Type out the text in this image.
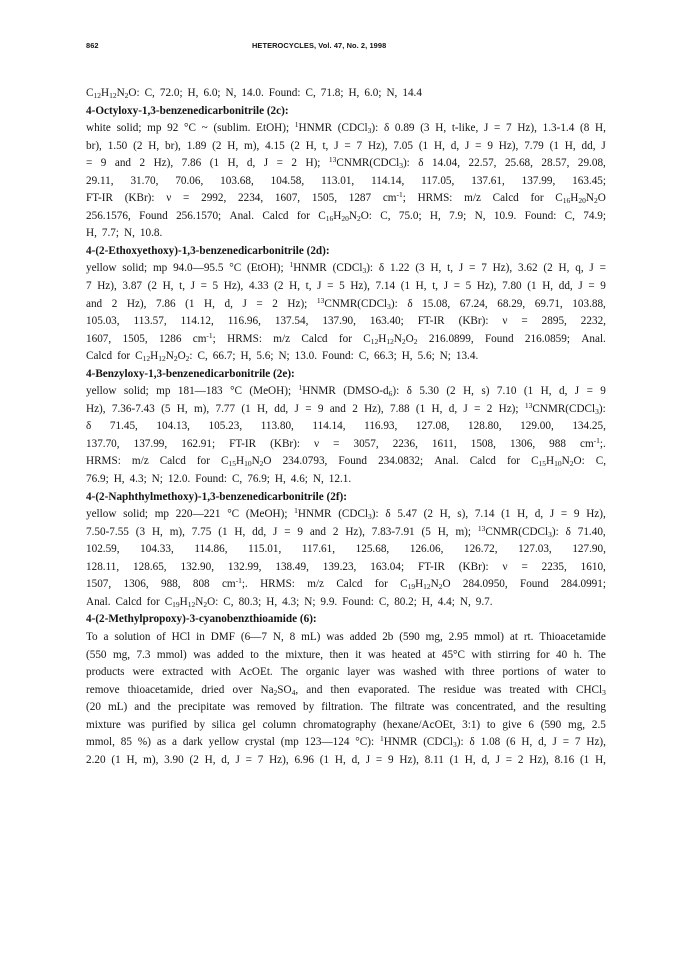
862	HETEROCYCLES, Vol. 47, No. 2, 1998
$C_{12}H_{12}N_2O$: C, 72.0; H, 6.0; N, 14.0. Found: C, 71.8; H, 6.0; N, 14.4
4-Octyloxy-1,3-benzenedicarbonitrile (2c):
white solid; mp 92 °C ~ (sublim. EtOH); $^1$HNMR (CDCl$_3$): δ 0.89 (3 H, t-like, J = 7 Hz), 1.3-1.4 (8 H,
br), 1.50 (2 H, br), 1.89 (2 H, m), 4.15 (2 H, t, J = 7 Hz), 7.05 (1 H, d, J = 9 Hz), 7.79 (1 H, dd, J
= 9 and 2 Hz), 7.86 (1 H, d, J = 2 H); $^{13}$CNMR(CDCl$_3$): δ 14.04, 22.57, 25.68, 28.57, 29.08,
29.11, 31.70, 70.06, 103.68, 104.58, 113.01, 114.14, 117.05, 137.61, 137.99, 163.45;
FT-IR (KBr): ν = 2992, 2234, 1607, 1505, 1287 $cm^{-1}$; HRMS: m/z Calcd for $C_{16}H_{20}N_2O$
256.1576, Found 256.1570; Anal. Calcd for $C_{16}H_{20}N_2O$: C, 75.0; H, 7.9; N, 10.9. Found: C, 74.9;
H, 7.7; N, 10.8.
4-(2-Ethoxyethoxy)-1,3-benzenedicarbonitrile (2d):
yellow solid; mp 94.0—95.5 °C (EtOH); $^1$HNMR (CDCl$_3$): δ 1.22 (3 H, t, J = 7 Hz), 3.62 (2 H, q, J =
7 Hz), 3.87 (2 H, t, J = 5 Hz), 4.33 (2 H, t, J = 5 Hz), 7.14 (1 H, t, J = 5 Hz), 7.80 (1 H, dd, J = 9
and 2 Hz), 7.86 (1 H, d, J = 2 Hz); $^{13}$CNMR(CDCl$_3$): δ 15.08, 67.24, 68.29, 69.71, 103.88,
105.03, 113.57, 114.12, 116.96, 137.54, 137.90, 163.40; FT-IR (KBr): ν = 2895, 2232,
1607, 1505, 1286 $cm^{-1}$; HRMS: m/z Calcd for $C_{12}H_{12}N_2O_2$ 216.0899, Found 216.0859; Anal.
Calcd for $C_{12}H_{12}N_2O_2$: C, 66.7; H, 5.6; N; 13.0. Found: C, 66.3; H, 5.6; N; 13.4.
4-Benzyloxy-1,3-benzenedicarbonitrile (2e):
yellow solid; mp 181—183 °C (MeOH); $^1$HNMR $(DMSO-d_6)$: δ 5.30 (2 H, s) 7.10 (1 H, d, J = 9
Hz), 7.36-7.43 (5 H, m), 7.77 (1 H, dd, J = 9 and 2 Hz), 7.88 (1 H, d, J = 2 Hz); $^{13}$CNMR(CDCl$_3$):
δ 71.45, 104.13, 105.23, 113.80, 114.14, 116.93, 127.08, 128.80, 129.00, 134.25,
137.70, 137.99, 162.91; FT-IR (KBr): ν = 3057, 2236, 1611, 1508, 1306, 988 $cm^{-1}$;.
HRMS: m/z Calcd for $C_{15}H_{10}N_2O$ 234.0793, Found 234.0832; Anal. Calcd for $C_{15}H_{10}N_2O$: C,
76.9; H, 4.3; N; 12.0. Found: C, 76.9; H, 4.6; N, 12.1.
4-(2-Naphthylmethoxy)-1,3-benzenedicarbonitrile (2f):
yellow solid; mp 220—221 °C (MeOH); $^1$HNMR (CDCl$_3$): δ 5.47 (2 H, s), 7.14 (1 H, d, J = 9 Hz),
7.50-7.55 (3 H, m), 7.75 (1 H, dd, J = 9 and 2 Hz), 7.83-7.91 (5 H, m); $^{13}$CNMR(CDCl$_3$): δ 71.40,
102.59, 104.33, 114.86, 115.01, 117.61, 125.68, 126.06, 126.72, 127.03, 127.90,
128.11, 128.65, 132.90, 132.99, 138.49, 139.23, 163.04; FT-IR (KBr): ν = 2235, 1610,
1507, 1306, 988, 808 $cm^{-1}$;. HRMS: m/z Calcd for $C_{19}H_{12}N_2O$ 284.0950, Found 284.0991;
Anal. Calcd for $C_{19}H_{12}N_2O$: C, 80.3; H, 4.3; N; 9.9. Found: C, 80.2; H, 4.4; N, 9.7.
4-(2-Methylpropoxy)-3-cyanobenzthioamide (6):
To a solution of HCl in DMF (6—7 N, 8 mL) was added 2b (590 mg, 2.95 mmol) at rt. Thioacetamide
(550 mg, 7.3 mmol) was added to the mixture, then it was heated at 45°C with stirring for 40 h. The
products were extracted with AcOEt. The organic layer was washed with three portions of water to
remove thioacetamide, dried over $Na_2SO_4$, and then evaporated. The residue was treated with CHCl$_3$
(20 mL) and the precipitate was removed by filtration. The filtrate was concentrated, and the resulting
mixture was purified by silica gel column chromatography (hexane/AcOEt, 3:1) to give 6 (590 mg, 2.5
mmol, 85 %) as a dark yellow crystal (mp 123—124 °C): $^1$HNMR (CDCl$_3$): δ 1.08 (6 H, d, J = 7 Hz),
2.20 (1 H, m), 3.90 (2 H, d, J = 7 Hz), 6.96 (1 H, d, J = 9 Hz), 8.11 (1 H, d, J = 2 Hz), 8.16 (1 H,
